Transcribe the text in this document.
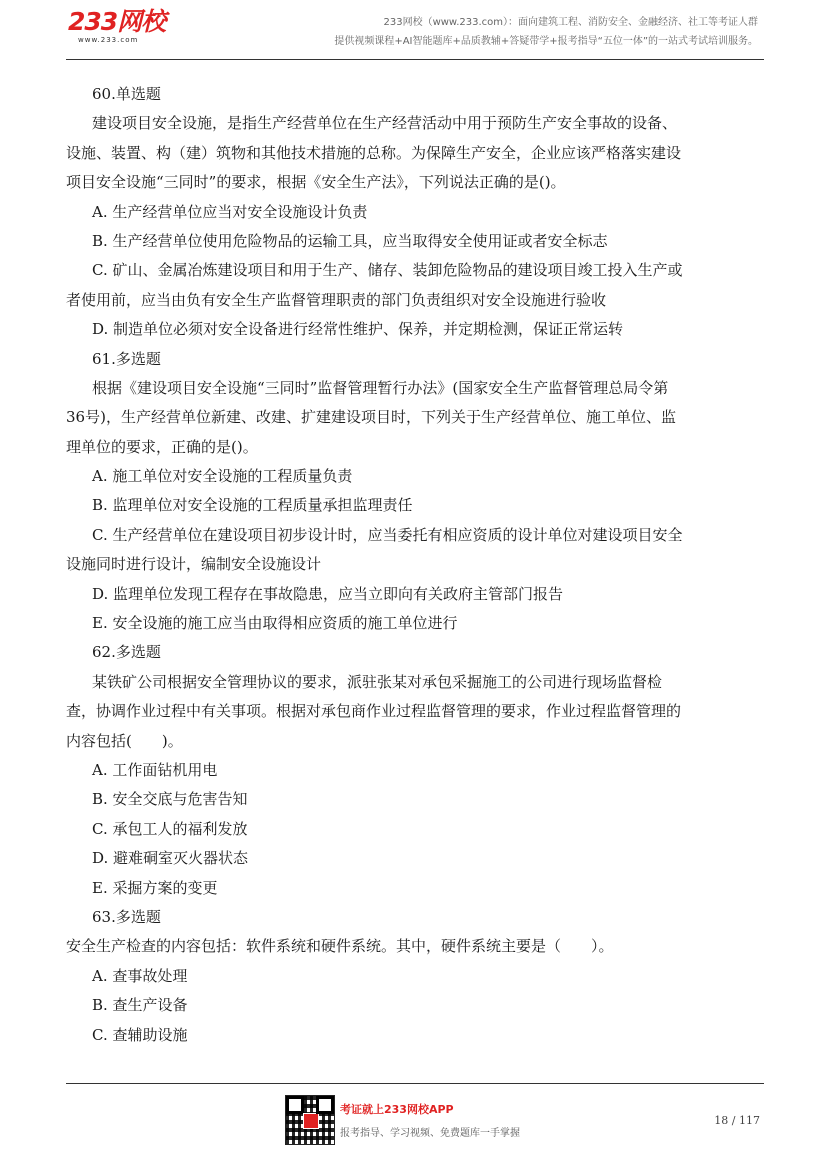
233网校
www.233.com
233网校（www.233.com）：面向建筑工程、消防安全、金融经济、社工等考证人群
提供视频课程+AI智能题库+品质教辅+答疑带学+报考指导“五位一体”的一站式考试培训服务。
60.单选题
建设项目安全设施，是指生产经营单位在生产经营活动中用于预防生产安全事故的设备、
设施、装置、构（建）筑物和其他技术措施的总称。为保障生产安全，企业应该严格落实建设
项目安全设施“三同时”的要求，根据《安全生产法》，下列说法正确的是()。
A. 生产经营单位应当对安全设施设计负责
B. 生产经营单位使用危险物品的运输工具，应当取得安全使用证或者安全标志
C. 矿山、金属冶炼建设项目和用于生产、储存、装卸危险物品的建设项目竣工投入生产或
者使用前，应当由负有安全生产监督管理职责的部门负责组织对安全设施进行验收
D. 制造单位必须对安全设备进行经常性维护、保养，并定期检测，保证正常运转
61.多选题
根据《建设项目安全设施“三同时”监督管理暂行办法》(国家安全生产监督管理总局令第
36号)，生产经营单位新建、改建、扩建建设项目时，下列关于生产经营单位、施工单位、监
理单位的要求，正确的是()。
A. 施工单位对安全设施的工程质量负责
B. 监理单位对安全设施的工程质量承担监理责任
C. 生产经营单位在建设项目初步设计时，应当委托有相应资质的设计单位对建设项目安全
设施同时进行设计，编制安全设施设计
D. 监理单位发现工程存在事故隐患，应当立即向有关政府主管部门报告
E. 安全设施的施工应当由取得相应资质的施工单位进行
62.多选题
某铁矿公司根据安全管理协议的要求，派驻张某对承包采掘施工的公司进行现场监督检
查，协调作业过程中有关事项。根据对承包商作业过程监督管理的要求，作业过程监督管理的
内容包括(　　)。
A. 工作面钻机用电
B. 安全交底与危害告知
C. 承包工人的福利发放
D. 避难硐室灭火器状态
E. 采掘方案的变更
63.多选题
安全生产检查的内容包括：软件系统和硬件系统。其中，硬件系统主要是（　　）。
A. 查事故处理
B. 查生产设备
C. 查辅助设施
考证就上233网校APP
报考指导、学习视频、免费题库一手掌握
18 / 117
